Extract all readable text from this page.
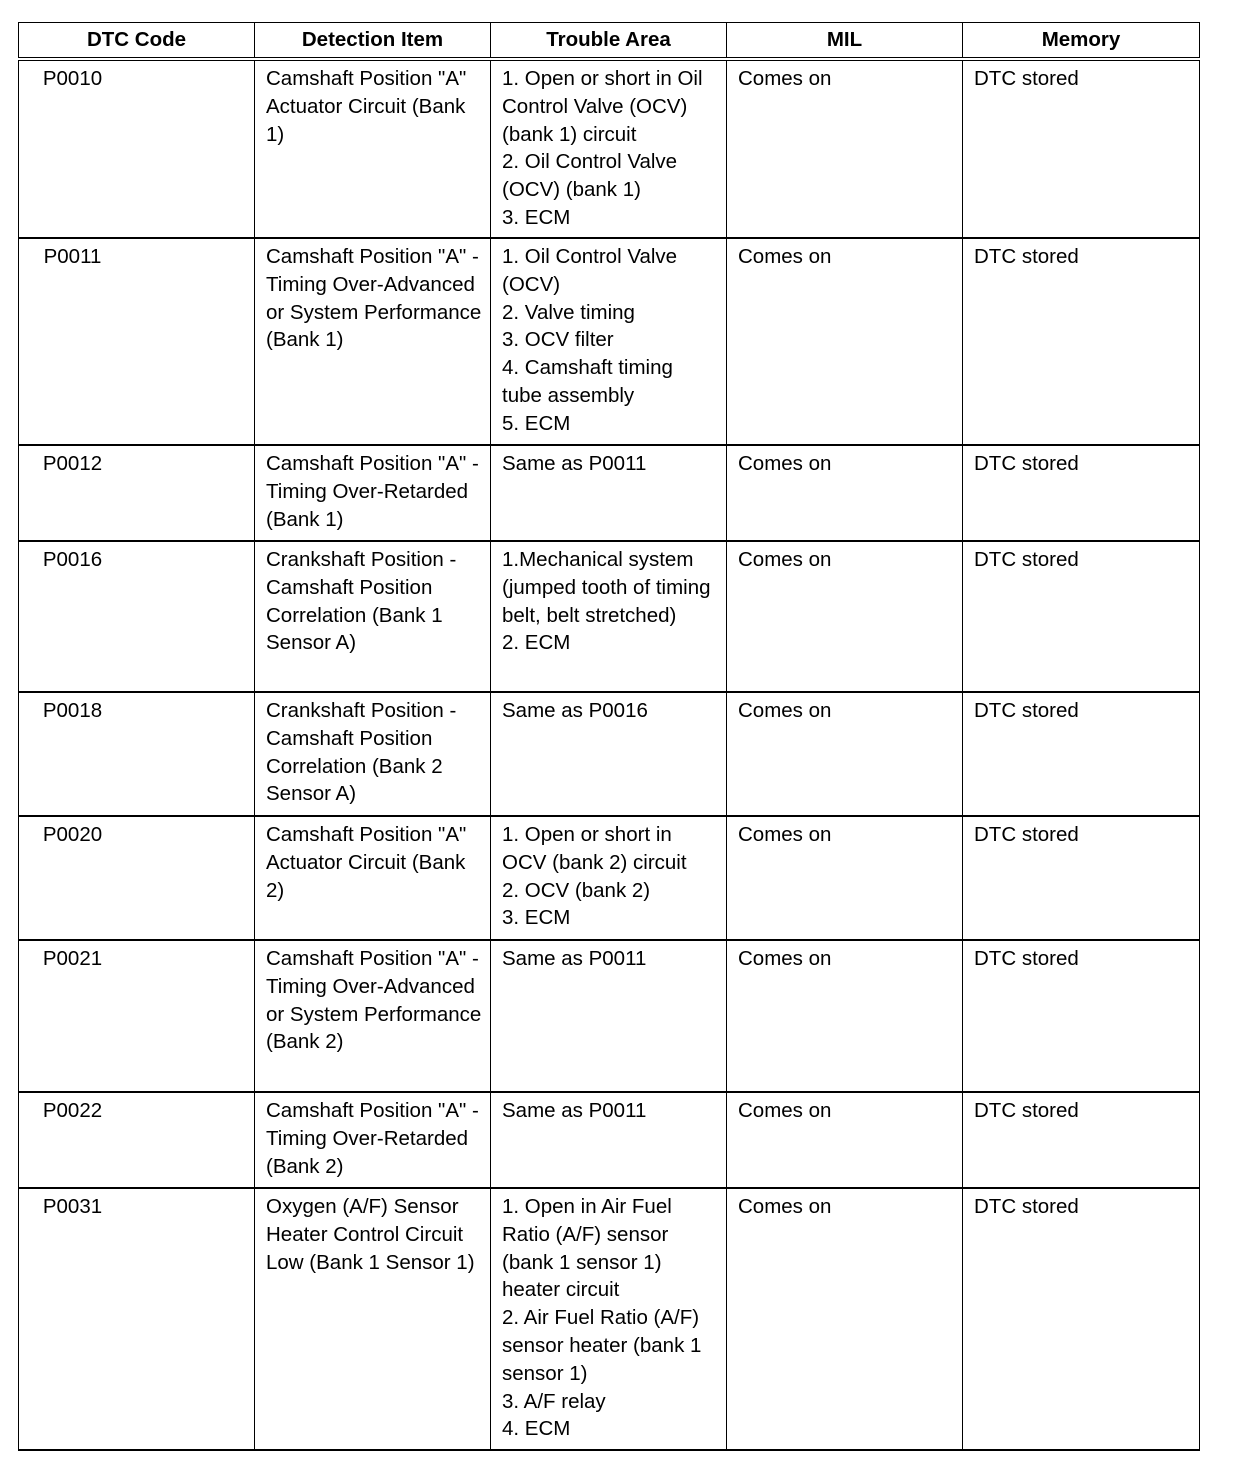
DTC Code	Detection Item	Trouble Area	MIL	Memory
P0010	Camshaft Position "A" Actuator Circuit (Bank 1)	1. Open or short in Oil Control Valve (OCV) (bank 1) circuit
2. Oil Control Valve (OCV) (bank 1)
3. ECM	Comes on	DTC stored
P0011	Camshaft Position "A" - Timing Over-Advanced or System Performance (Bank 1)	1. Oil Control Valve (OCV)
2. Valve timing
3. OCV filter
4. Camshaft timing tube assembly
5. ECM	Comes on	DTC stored
P0012	Camshaft Position "A" - Timing Over-Retarded (Bank 1)	Same as P0011	Comes on	DTC stored
P0016	Crankshaft Position - Camshaft Position Correlation (Bank 1 Sensor A)	1.Mechanical system (jumped tooth of timing belt, belt stretched)
2. ECM	Comes on	DTC stored
P0018	Crankshaft Position - Camshaft Position Correlation (Bank 2 Sensor A)	Same as P0016	Comes on	DTC stored
P0020	Camshaft Position "A" Actuator Circuit (Bank 2)	1. Open or short in OCV (bank 2) circuit
2. OCV (bank 2)
3. ECM	Comes on	DTC stored
P0021	Camshaft Position "A" - Timing Over-Advanced or System Performance (Bank 2)	Same as P0011	Comes on	DTC stored
P0022	Camshaft Position "A" - Timing Over-Retarded (Bank 2)	Same as P0011	Comes on	DTC stored
P0031	Oxygen (A/F) Sensor Heater Control Circuit Low (Bank 1 Sensor 1)	1. Open in Air Fuel Ratio (A/F) sensor (bank 1 sensor 1) heater circuit
2. Air Fuel Ratio (A/F) sensor heater (bank 1 sensor 1)
3. A/F relay
4. ECM	Comes on	DTC stored
